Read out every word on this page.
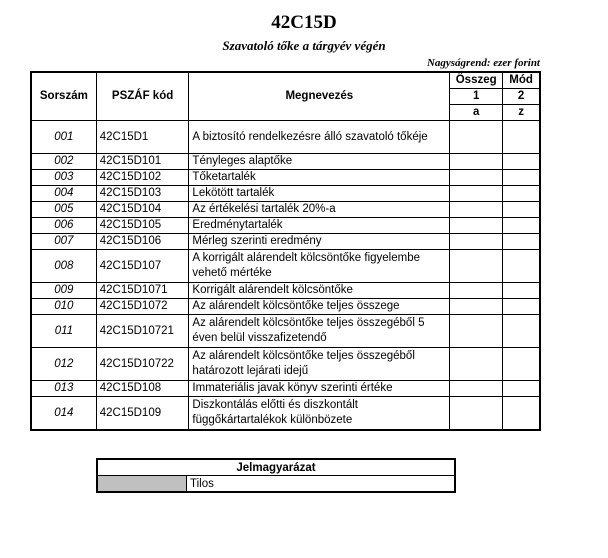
42C15D
Szavatoló tőke a tárgyév végén
Nagyságrend: ezer forint
Sorszám	PSZÁF kód	Megnevezés	Összeg	Mód
			1	2
			a	z
001	42C15D1	A biztosító rendelkezésre álló szavatoló tőkéje		
002	42C15D101	Tényleges alaptőke		
003	42C15D102	Tőketartalék		
004	42C15D103	Lekötött tartalék		
005	42C15D104	Az értékelési tartalék 20%-a		
006	42C15D105	Eredménytartalék		
007	42C15D106	Mérleg szerinti eredmény		
008	42C15D107	A korrigált alárendelt kölcsöntőke figyelembe vehető mértéke		
009	42C15D1071	Korrigált alárendelt kölcsöntőke		
010	42C15D1072	Az alárendelt kölcsöntőke teljes összege		
011	42C15D10721	Az alárendelt kölcsöntőke teljes összegéből 5 éven belül visszafizetendő		
012	42C15D10722	Az alárendelt kölcsöntőke teljes összegéből határozott lejárati idejű		
013	42C15D108	Immateriális javak könyv szerinti értéke		
014	42C15D109	Diszkontálás előtti és diszkontált függőkártartalékok különbözete		
Jelmagyarázat
	Tilos
